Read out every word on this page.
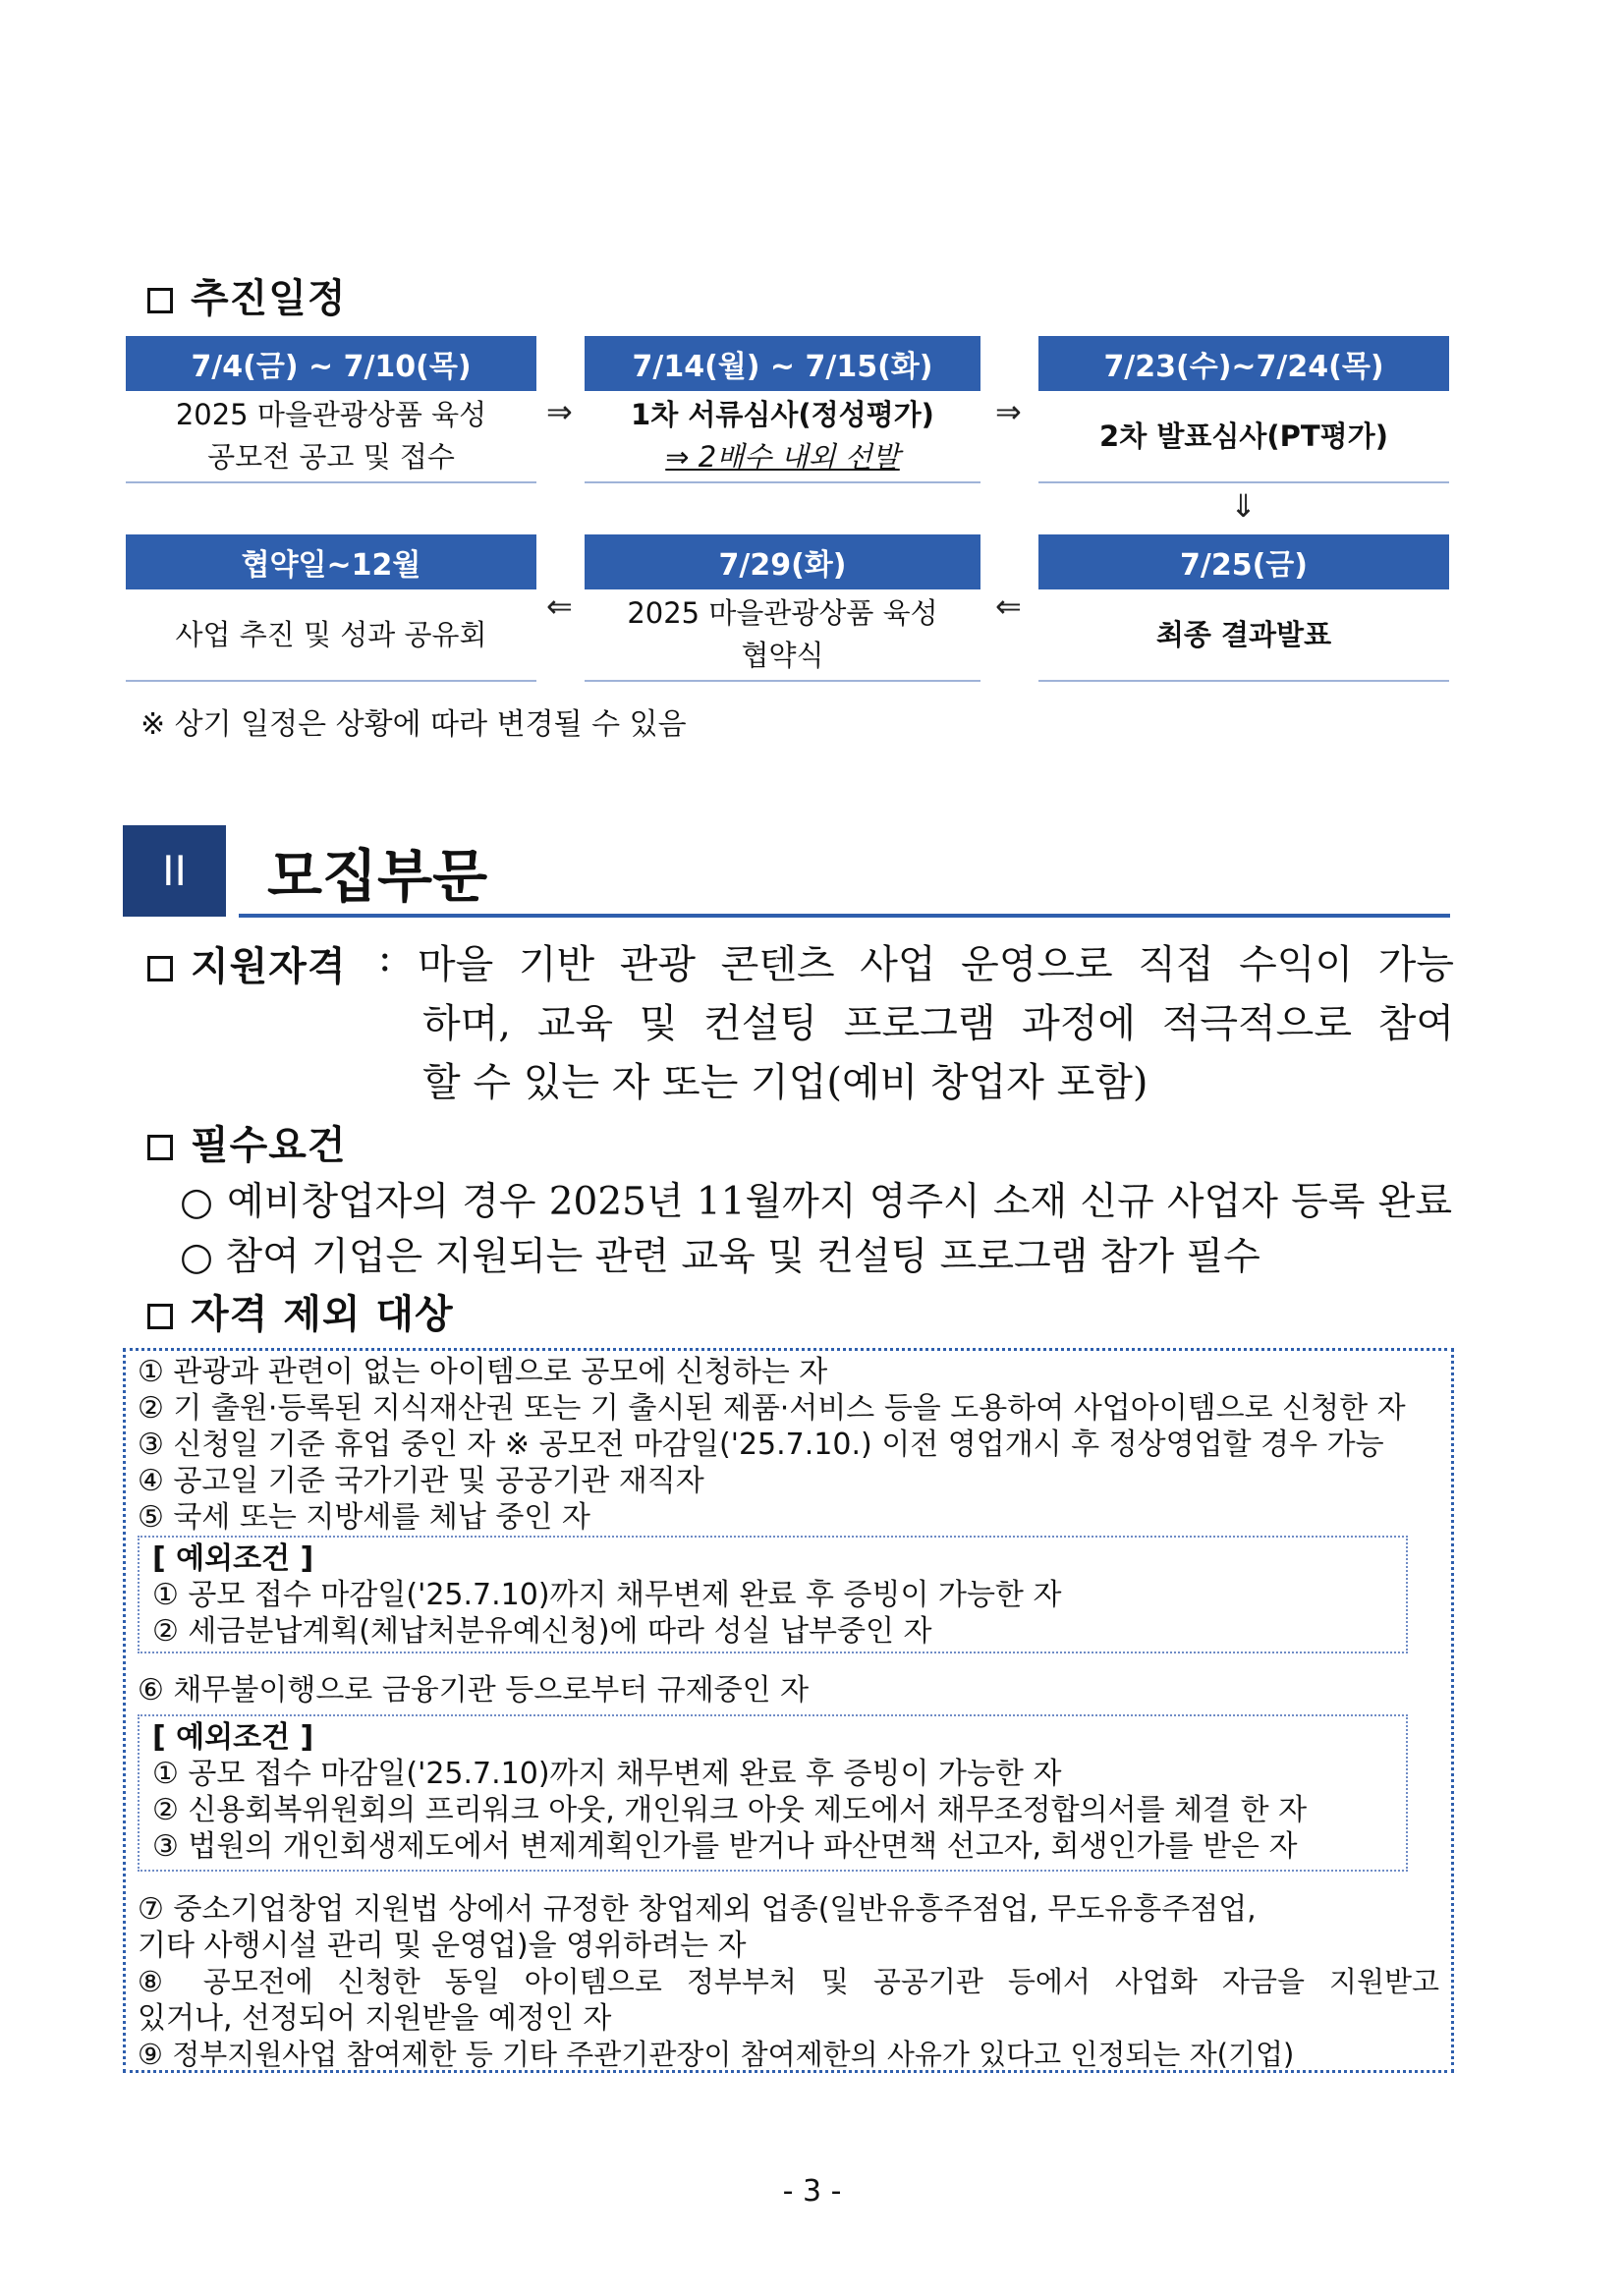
추진일정
7/4(금) ~ 7/10(목)
2025 마을관광상품 육성
공모전 공고 및 접수
⇒
7/14(월) ~ 7/15(화)
1차 서류심사(정성평가)
⇒ 2배수 내외 선발
⇒
7/23(수)~7/24(목)
2차 발표심사(PT평가)
⇓
협약일~12월
사업 추진 및 성과 공유회
⇐
7/29(화)
2025 마을관광상품 육성
협약식
⇐
7/25(금)
최종 결과발표
※ 상기 일정은 상황에 따라 변경될 수 있음
II 모집부문
지원자격 : 마을 기반 관광 콘텐츠 사업 운영으로 직접 수익이 가능
하며, 교육 및 컨설팅 프로그램 과정에 적극적으로 참여
할 수 있는 자 또는 기업(예비 창업자 포함)
필수요건
○ 예비창업자의 경우 2025년 11월까지 영주시 소재 신규 사업자 등록 완료
○ 참여 기업은 지원되는 관련 교육 및 컨설팅 프로그램 참가 필수
자격 제외 대상
① 관광과 관련이 없는 아이템으로 공모에 신청하는 자
② 기 출원·등록된 지식재산권 또는 기 출시된 제품·서비스 등을 도용하여 사업아이템으로 신청한 자
③ 신청일 기준 휴업 중인 자 ※ 공모전 마감일('25.7.10.) 이전 영업개시 후 정상영업할 경우 가능
④ 공고일 기준 국가기관 및 공공기관 재직자
⑤ 국세 또는 지방세를 체납 중인 자
[ 예외조건 ]
① 공모 접수 마감일('25.7.10)까지 채무변제 완료 후 증빙이 가능한 자
② 세금분납계획(체납처분유예신청)에 따라 성실 납부중인 자
⑥ 채무불이행으로 금융기관 등으로부터 규제중인 자
[ 예외조건 ]
① 공모 접수 마감일('25.7.10)까지 채무변제 완료 후 증빙이 가능한 자
② 신용회복위원회의 프리워크 아웃, 개인워크 아웃 제도에서 채무조정합의서를 체결 한 자
③ 법원의 개인회생제도에서 변제계획인가를 받거나 파산면책 선고자, 회생인가를 받은 자
⑦ 중소기업창업 지원법 상에서 규정한 창업제외 업종(일반유흥주점업, 무도유흥주점업,
기타 사행시설 관리 및 운영업)을 영위하려는 자
⑧ 공모전에 신청한 동일 아이템으로 정부부처 및 공공기관 등에서 사업화 자금을 지원받고
있거나, 선정되어 지원받을 예정인 자
⑨ 정부지원사업 참여제한 등 기타 주관기관장이 참여제한의 사유가 있다고 인정되는 자(기업)
- 3 -
